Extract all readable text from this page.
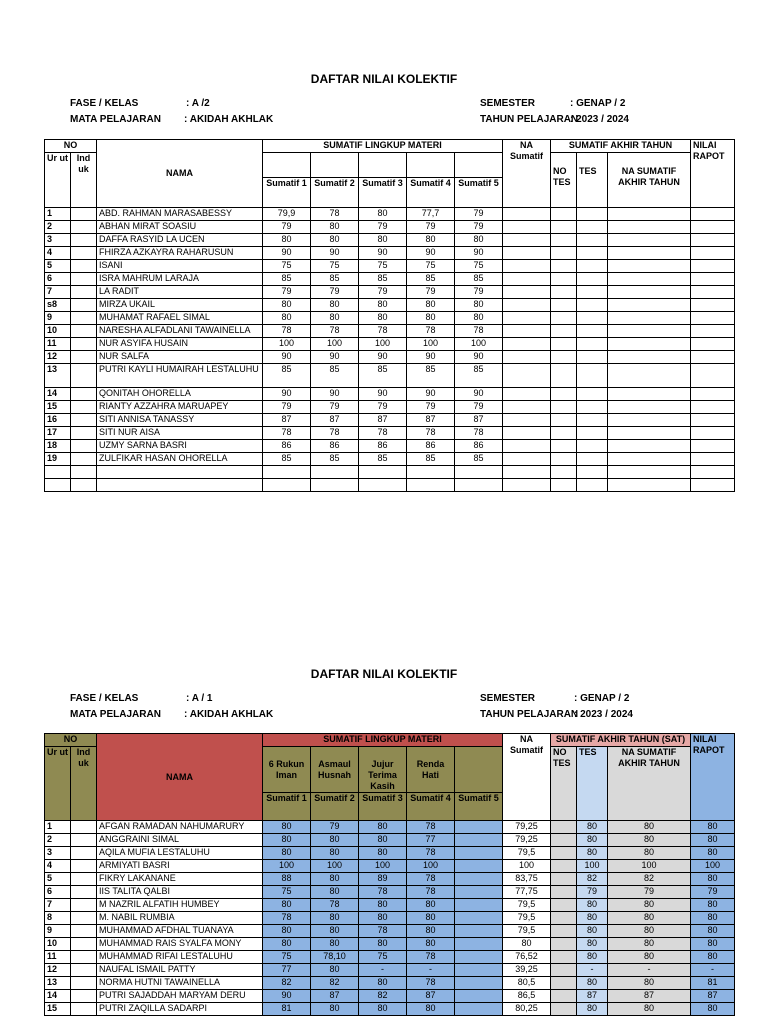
DAFTAR NILAI KOLEKTIF
FASE / KELAS	: A /2
MATA PELAJARAN : AKIDAH AKHLAK
SEMESTER	: GENAP / 2
TAHUN PELAJARAN
: 2023 / 2024
NO		NAMA	SUMATIF LINGKUP MATERI					NA Sumatif	SUMATIF AKHIR TAHUN			NILAI RAPOT
Ur ut	Ind uk								NO TES	TES	NA SUMATIF AKHIR TAHUN	
			Sumatif 1	Sumatif 2	Sumatif 3	Sumatif 4	Sumatif 5					
1		ABD. RAHMAN MARASABESSY	79,9	78	80	77,7	79					
2		ABHAN MIRAT SOASIU	79	80	79	79	79					
3		DAFFA RASYID LA UCEN	80	80	80	80	80					
4		FHIRZA AZKAYRA RAHARUSUN	90	90	90	90	90					
5		ISANI	75	75	75	75	75					
6		ISRA MAHRUM LARAJA	85	85	85	85	85					
7		LA RADIT	79	79	79	79	79					
s8		MIRZA UKAIL	80	80	80	80	80					
9		MUHAMAT RAFAEL SIMAL	80	80	80	80	80					
10		NARESHA ALFADLANI TAWAINELLA	78	78	78	78	78					
11		NUR ASYIFA HUSAIN	100	100	100	100	100					
12		NUR SALFA	90	90	90	90	90					
13		PUTRI KAYLI HUMAIRAH LESTALUHU	85	85	85	85	85					
14		QONITAH OHORELLA	90	90	90	90	90					
15		RIANTY AZZAHRA MARUAPEY	79	79	79	79	79					
16		SITI ANNISA TANASSY	87	87	87	87	87					
17		SITI NUR AISA	78	78	78	78	78					
18		UZMY SARNA BASRI	86	86	86	86	86					
19		ZULFIKAR HASAN OHORELLA	85	85	85	85	85					

DAFTAR NILAI KOLEKTIF
FASE / KELAS	: A / 1
MATA PELAJARAN : AKIDAH AKHLAK
SEMESTER	: GENAP / 2
TAHUN PELAJARAN
: 2023 / 2024
NO		NAMA	SUMATIF LINGKUP MATERI					NA Sumatif	SUMATIF AKHIR TAHUN (SAT)			NILAI RAPOT
Ur ut	Ind uk		6 Rukun Iman	Asmaul Husnah	Jujur Terima Kasih	Renda Hati			NO TES	TES	NA SUMATIF AKHIR TAHUN	
			Sumatif 1	Sumatif 2	Sumatif 3	Sumatif 4	Sumatif 5					
1		AFGAN RAMADAN NAHUMARURY	80	79	80	78		79,25		80	80	80
2		ANGGRAINI SIMAL	80	80	80	77		79,25		80	80	80
3		AQILA MUFIA LESTALUHU	80	80	80	78		79,5		80	80	80
4		ARMIYATI BASRI	100	100	100	100		100		100	100	100
5		FIKRY LAKANANE	88	80	89	78		83,75		82	82	80
6		IIS TALITA QALBI	75	80	78	78		77,75		79	79	79
7		M NAZRIL ALFATIH HUMBEY	80	78	80	80		79,5		80	80	80
8		M. NABIL RUMBIA	78	80	80	80		79,5		80	80	80
9		MUHAMMAD AFDHAL TUANAYA	80	80	78	80		79,5		80	80	80
10		MUHAMMAD RAIS SYALFA MONY	80	80	80	80		80		80	80	80
11		MUHAMMAD RIFAI LESTALUHU	75	78,10	75	78		76,52		80	80	80
12		NAUFAL ISMAIL PATTY	77	80	-	-		39,25		-	-	-
13		NORMA HUTNI TAWAINELLA	82	82	80	78		80,5		80	80	81
14		PUTRI SAJADDAH MARYAM DERU	90	87	82	87		86,5		87	87	87
15		PUTRI ZAQILLA SADARPI	81	80	80	80		80,25		80	80	80
